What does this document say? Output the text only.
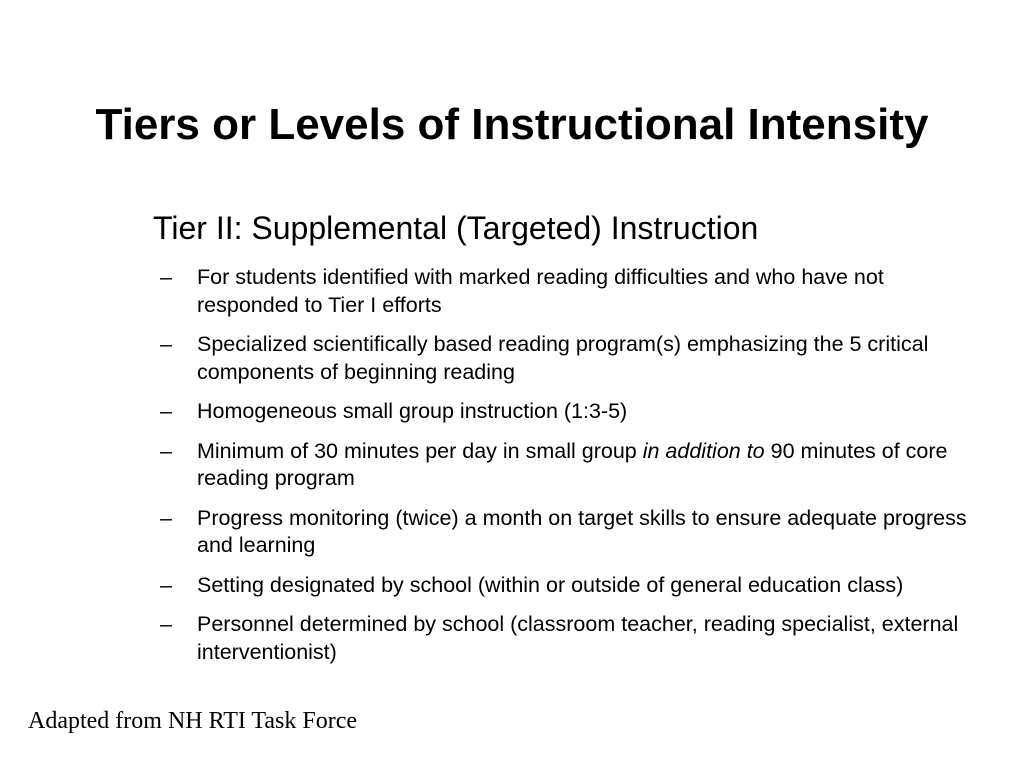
Tiers or Levels of Instructional Intensity

Tier II: Supplemental (Targeted) Instruction

– For students identified with marked reading difficulties and who have not responded to Tier I efforts
– Specialized scientifically based reading program(s) emphasizing the 5 critical components of beginning reading
– Homogeneous small group instruction (1:3-5)
– Minimum of 30 minutes per day in small group in addition to 90 minutes of core reading program
– Progress monitoring (twice) a month on target skills to ensure adequate progress and learning
– Setting designated by school (within or outside of general education class)
– Personnel determined by school (classroom teacher, reading specialist, external interventionist)

Adapted from NH RTI Task Force
